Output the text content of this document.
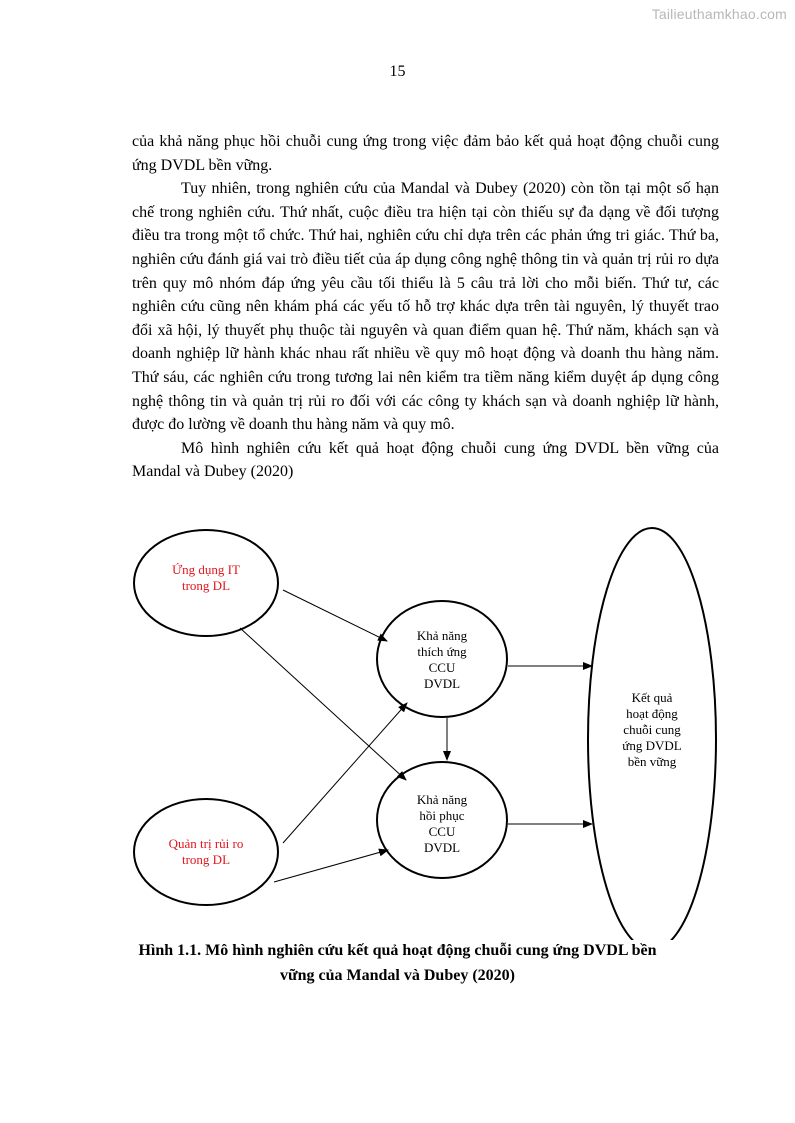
Tailieuthamkhao.com
15

của khả năng phục hồi chuỗi cung ứng trong việc đảm bảo kết quả hoạt động chuỗi cung ứng DVDL bền vững.

Tuy nhiên, trong nghiên cứu của Mandal và Dubey (2020) còn tồn tại một số hạn chế trong nghiên cứu. Thứ nhất, cuộc điều tra hiện tại còn thiếu sự đa dạng về đối tượng điều tra trong một tổ chức. Thứ hai, nghiên cứu chỉ dựa trên các phản ứng tri giác. Thứ ba, nghiên cứu đánh giá vai trò điều tiết của áp dụng công nghệ thông tin và quản trị rủi ro dựa trên quy mô nhóm đáp ứng yêu cầu tối thiểu là 5 câu trả lời cho mỗi biến. Thứ tư, các nghiên cứu cũng nên khám phá các yếu tố hỗ trợ khác dựa trên tài nguyên, lý thuyết trao đổi xã hội, lý thuyết phụ thuộc tài nguyên và quan điểm quan hệ. Thứ năm, khách sạn và doanh nghiệp lữ hành khác nhau rất nhiều về quy mô hoạt động và doanh thu hàng năm. Thứ sáu, các nghiên cứu trong tương lai nên kiểm tra tiềm năng kiểm duyệt áp dụng công nghệ thông tin và quản trị rủi ro đối với các công ty khách sạn và doanh nghiệp lữ hành, được đo lường về doanh thu hàng năm và quy mô.

Mô hình nghiên cứu kết quả hoạt động chuỗi cung ứng DVDL bền vững của Mandal và Dubey (2020)

Ứng dụng IT
trong DL
Quản trị rủi ro
trong DL
Khả năng
thích ứng
CCU
DVDL
Khả năng
hồi phục
CCU
DVDL
Kết quả
hoạt động
chuỗi cung
ứng DVDL
bền vững
Hình 1.1. Mô hình nghiên cứu kết quả hoạt động chuỗi cung ứng DVDL bền
vững của Mandal và Dubey (2020)
